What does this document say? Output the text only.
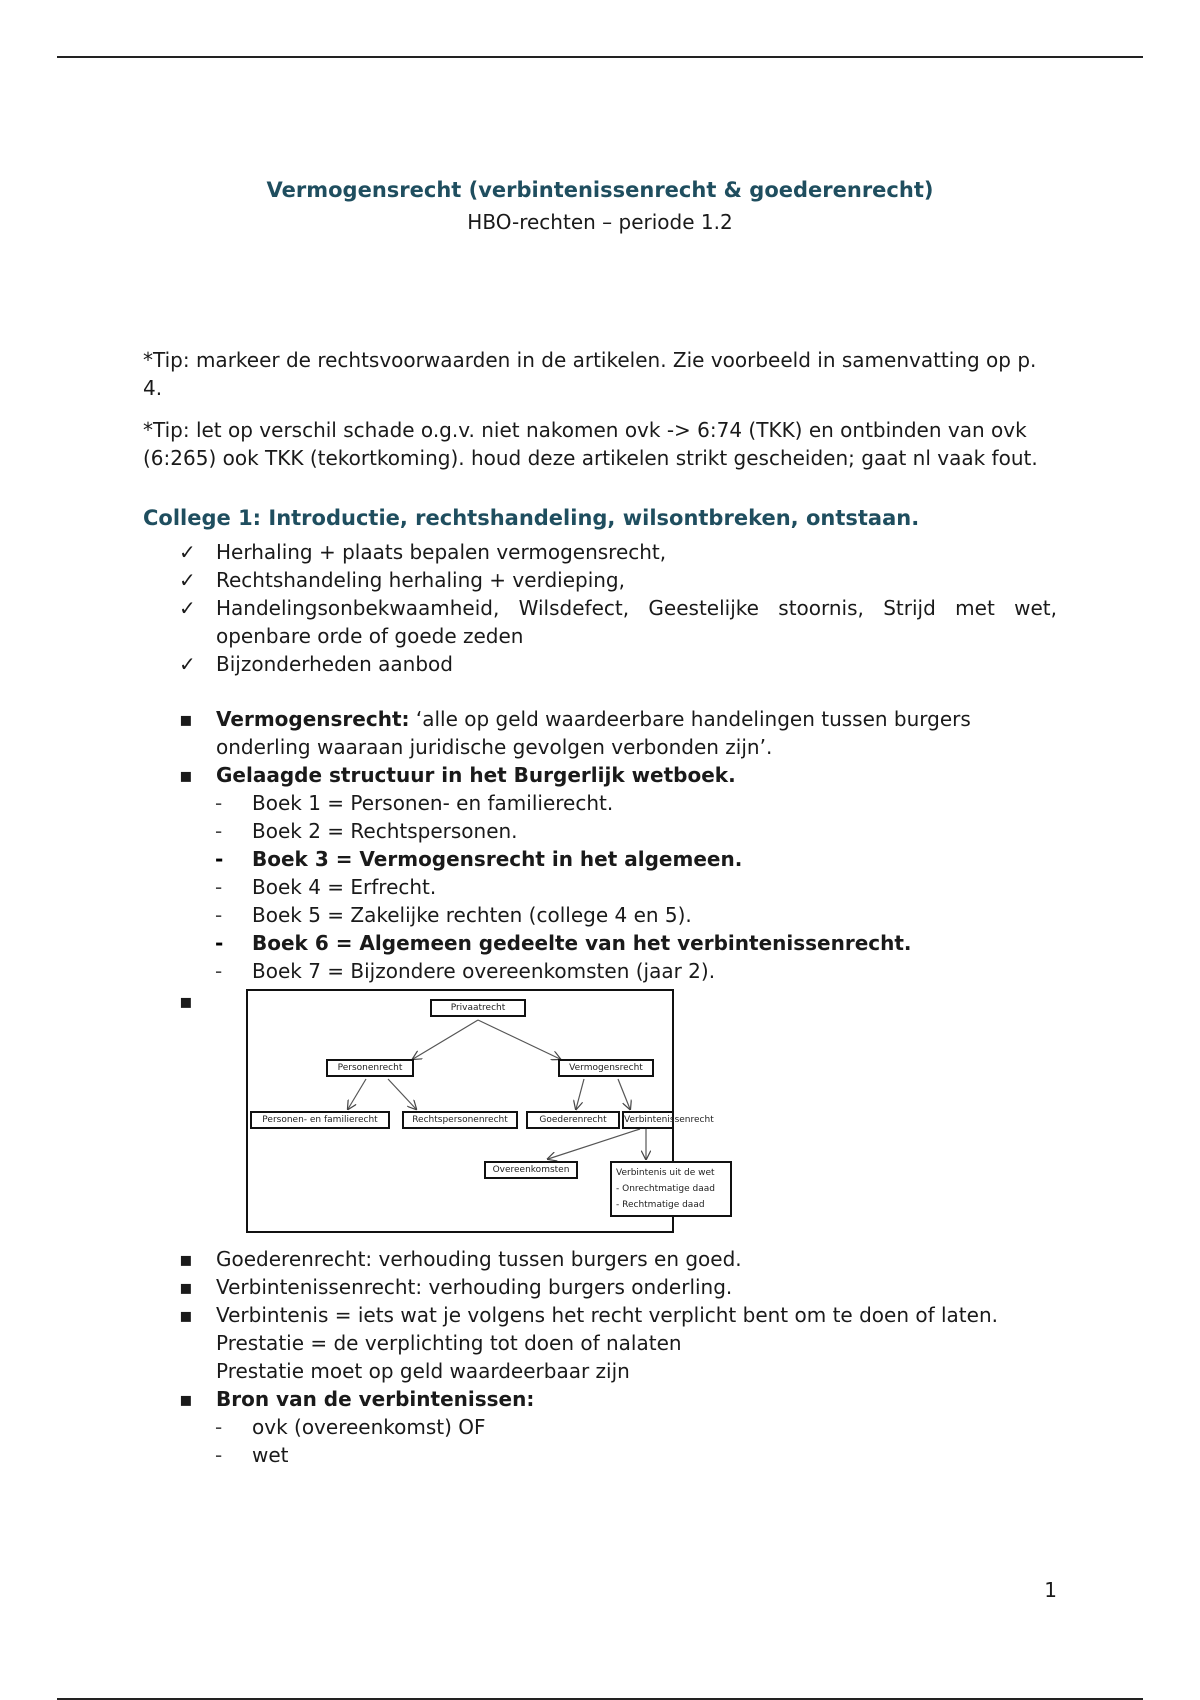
Vermogensrecht (verbintenissenrecht & goederenrecht)
HBO-rechten – periode 1.2

*Tip: markeer de rechtsvoorwaarden in de artikelen. Zie voorbeeld in samenvatting op p. 4.

*Tip: let op verschil schade o.g.v. niet nakomen ovk -> 6:74 (TKK) en ontbinden van ovk (6:265) ook TKK (tekortkoming). houd deze artikelen strikt gescheiden; gaat nl vaak fout.

College 1: Introductie, rechtshandeling, wilsontbreken, ontstaan.
✓ Herhaling + plaats bepalen vermogensrecht,
✓ Rechtshandeling herhaling + verdieping,
✓ Handelingsonbekwaamheid, Wilsdefect, Geestelijke stoornis, Strijd met wet, openbare orde of goede zeden
✓ Bijzonderheden aanbod
▪ Vermogensrecht: ‘alle op geld waardeerbare handelingen tussen burgers onderling waaraan juridische gevolgen verbonden zijn’.
▪ Gelaagde structuur in het Burgerlijk wetboek.
- Boek 1 = Personen- en familierecht.
- Boek 2 = Rechtspersonen.
- Boek 3 = Vermogensrecht in het algemeen.
- Boek 4 = Erfrecht.
- Boek 5 = Zakelijke rechten (college 4 en 5).
- Boek 6 = Algemeen gedeelte van het verbintenissenrecht.
- Boek 7 = Bijzondere overeenkomsten (jaar 2).
▪	Privaatrecht
Personenrecht	Vermogensrecht
Personen- en familierecht	Rechtspersonenrecht	Goederenrecht	Verbintenissenrecht
Overeenkomsten	Verbintenis uit de wet
- Onrechtmatige daad
- Rechtmatige daad
▪ Goederenrecht: verhouding tussen burgers en goed.
▪ Verbintenissenrecht: verhouding burgers onderling.
▪ Verbintenis = iets wat je volgens het recht verplicht bent om te doen of laten.
Prestatie = de verplichting tot doen of nalaten
Prestatie moet op geld waardeerbaar zijn
▪ Bron van de verbintenissen:
- ovk (overeenkomst) OF
- wet
1
